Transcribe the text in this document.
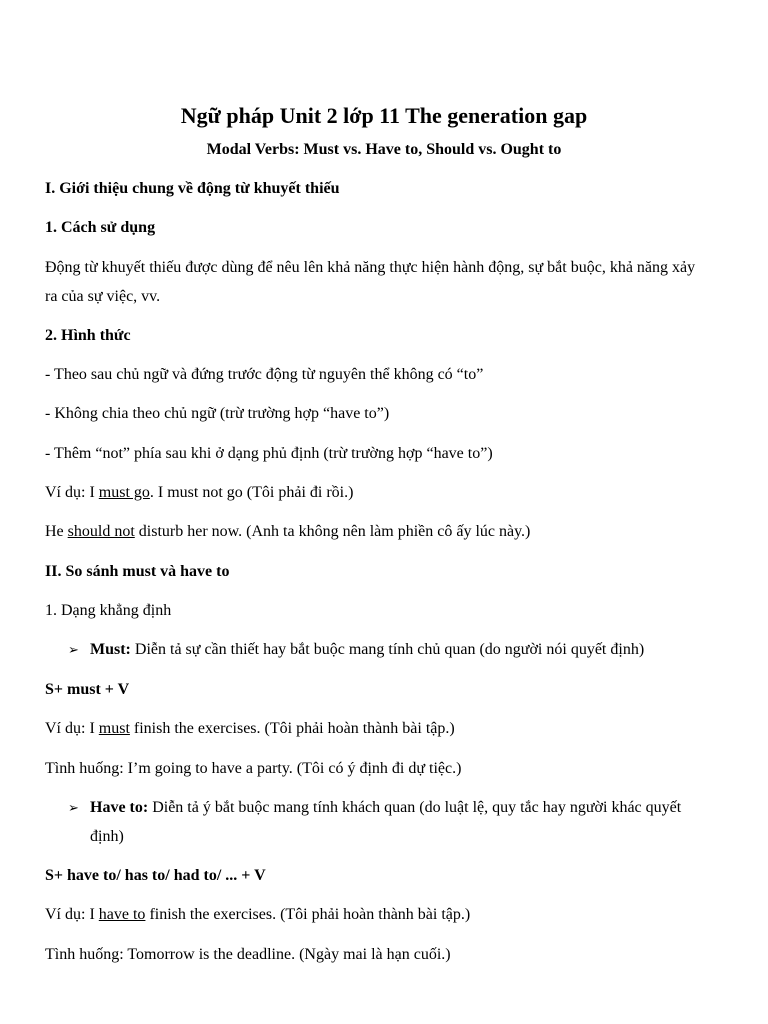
Ngữ pháp Unit 2 lớp 11 The generation gap
Modal Verbs: Must vs. Have to, Should vs. Ought to
I. Giới thiệu chung về động từ khuyết thiếu
1. Cách sử dụng
Động từ khuyết thiếu được dùng để nêu lên khả năng thực hiện hành động, sự bắt buộc, khả năng xảy
ra của sự việc, vv.
2. Hình thức
- Theo sau chủ ngữ và đứng trước động từ nguyên thể không có “to”
- Không chia theo chủ ngữ (trừ trường hợp “have to”)
- Thêm “not” phía sau khi ở dạng phủ định (trừ trường hợp “have to”)
Ví dụ: I must go. I must not go (Tôi phải đi rồi.)
He should not disturb her now. (Anh ta không nên làm phiền cô ấy lúc này.)
II. So sánh must và have to
1. Dạng khẳng định
➢ Must: Diễn tả sự cần thiết hay bắt buộc mang tính chủ quan (do người nói quyết định)
S+ must + V
Ví dụ: I must finish the exercises. (Tôi phải hoàn thành bài tập.)
Tình huống: I’m going to have a party. (Tôi có ý định đi dự tiệc.)
➢ Have to: Diễn tả ý bắt buộc mang tính khách quan (do luật lệ, quy tắc hay người khác quyết
định)
S+ have to/ has to/ had to/ ... + V
Ví dụ: I have to finish the exercises. (Tôi phải hoàn thành bài tập.)
Tình huống: Tomorrow is the deadline. (Ngày mai là hạn cuối.)
